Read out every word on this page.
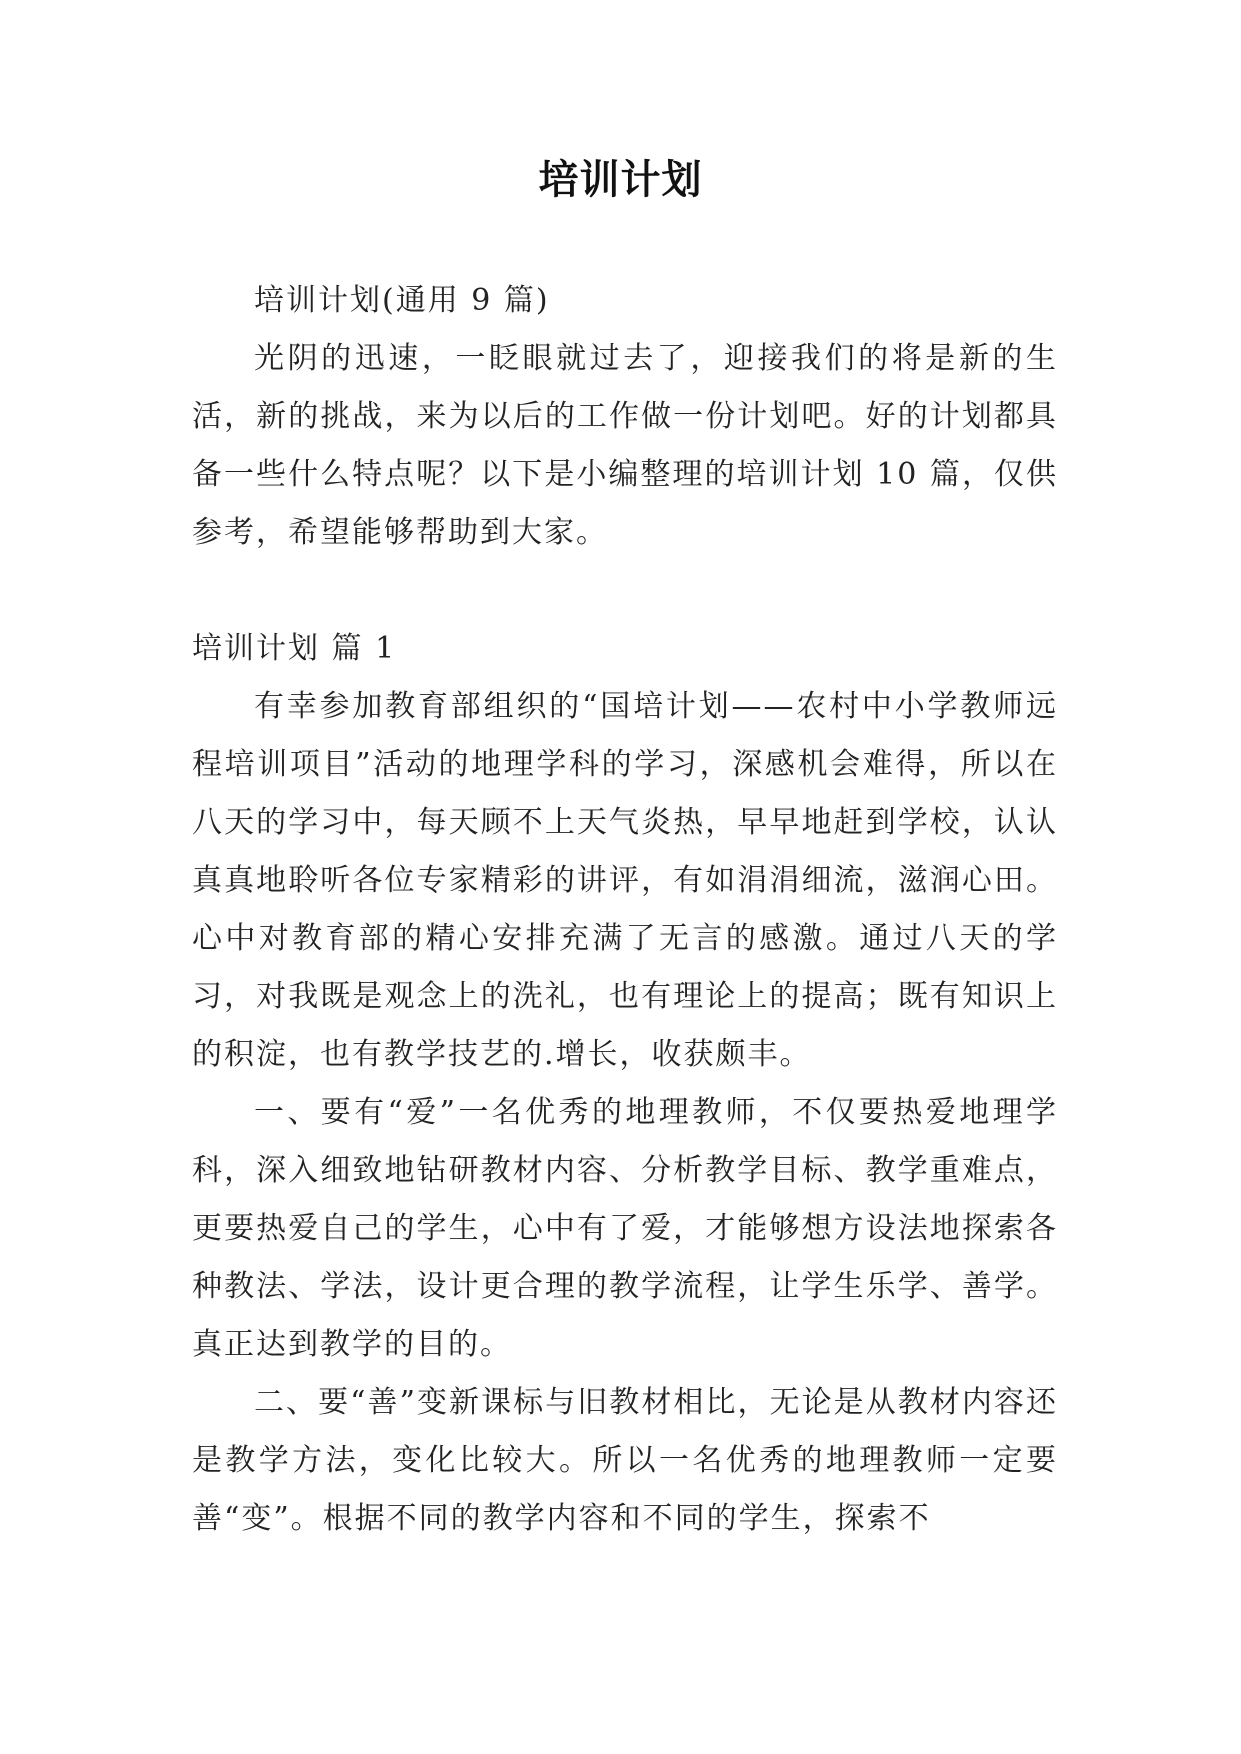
培训计划

培训计划(通用 9 篇)

光阴的迅速，一眨眼就过去了，迎接我们的将是新的生活，新的挑战，来为以后的工作做一份计划吧。好的计划都具备一些什么特点呢？以下是小编整理的培训计划 10 篇，仅供参考，希望能够帮助到大家。

培训计划 篇 1

有幸参加教育部组织的“国培计划——农村中小学教师远程培训项目”活动的地理学科的学习，深感机会难得，所以在八天的学习中，每天顾不上天气炎热，早早地赶到学校，认认真真地聆听各位专家精彩的讲评，有如涓涓细流，滋润心田。心中对教育部的精心安排充满了无言的感激。通过八天的学习，对我既是观念上的洗礼，也有理论上的提高；既有知识上的积淀，也有教学技艺的.增长，收获颇丰。

一、要有“爱”一名优秀的地理教师，不仅要热爱地理学科，深入细致地钻研教材内容、分析教学目标、教学重难点，更要热爱自己的学生，心中有了爱，才能够想方设法地探索各种教法、学法，设计更合理的教学流程，让学生乐学、善学。真正达到教学的目的。

二、要“善”变新课标与旧教材相比，无论是从教材内容还是教学方法，变化比较大。所以一名优秀的地理教师一定要善“变”。根据不同的教学内容和不同的学生，探索不
